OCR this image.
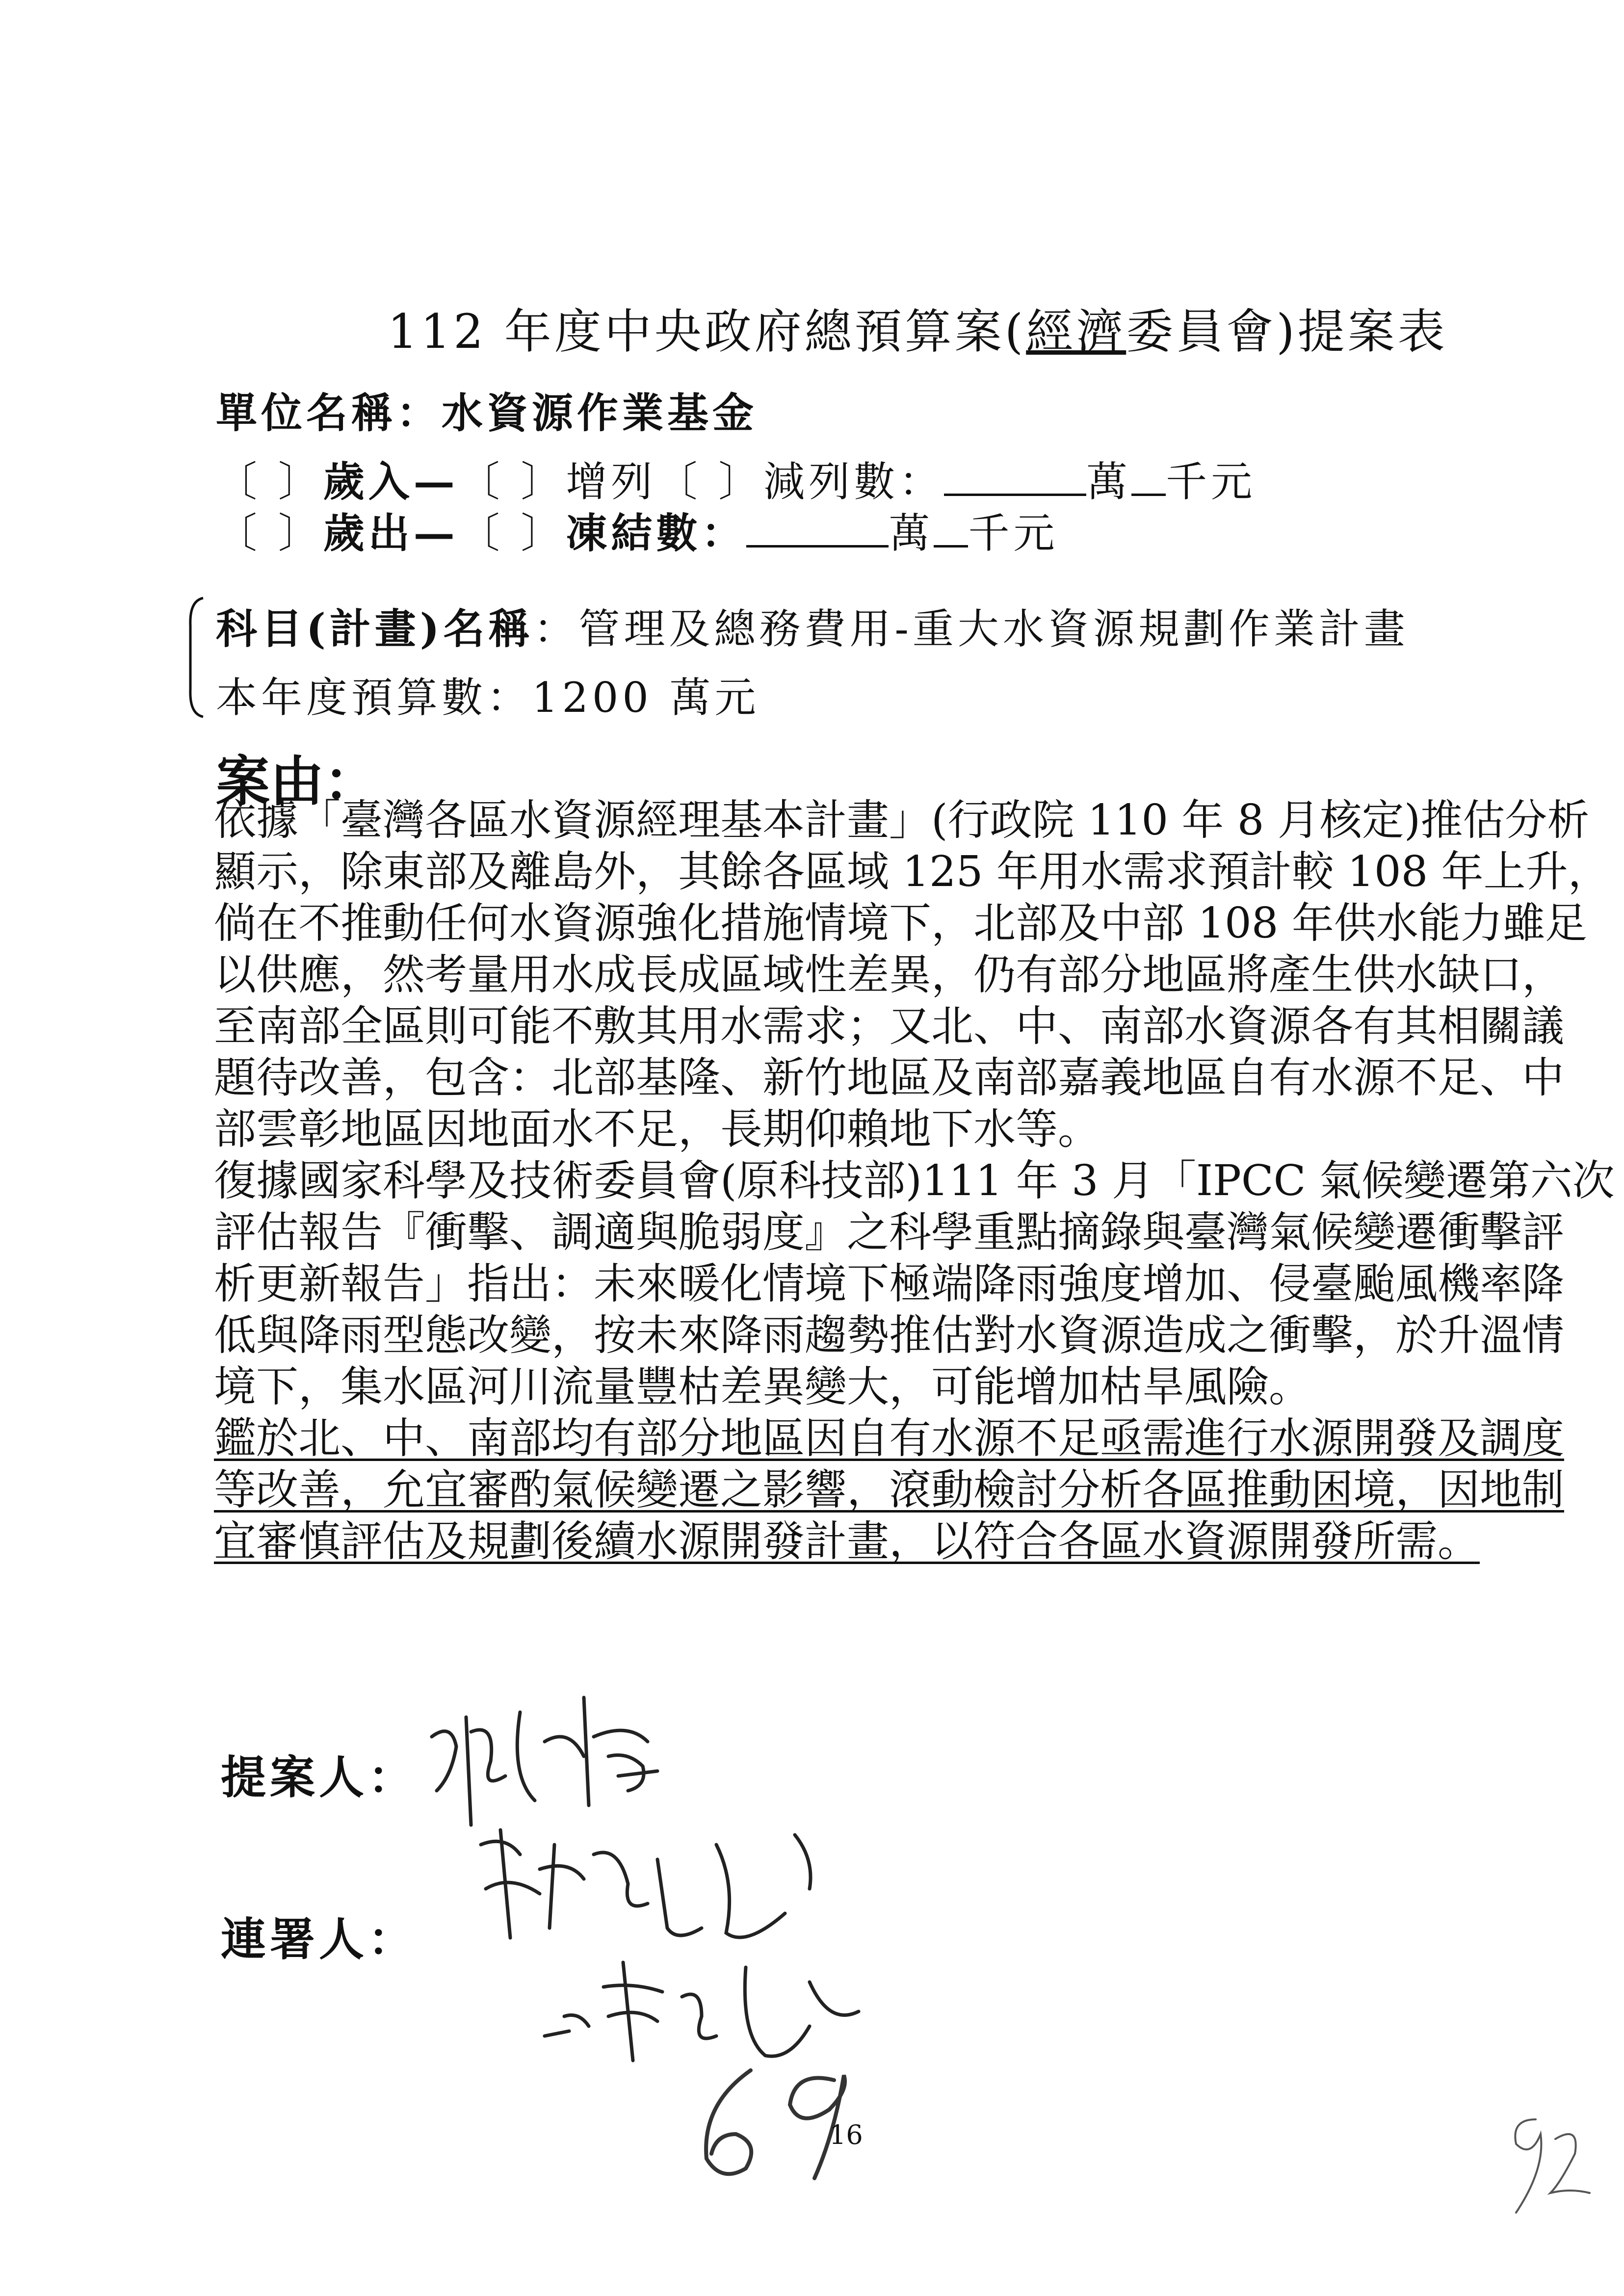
112 年度中央政府總預算案(經濟委員會)提案表
單位名稱：水資源作業基金
〔 〕歲入—〔 〕增列〔 〕減列數：	萬 千元
〔 〕歲出—〔 〕凍結數：	萬 千元
科目(計畫)名稱：管理及總務費用-重大水資源規劃作業計畫
本年度預算數：1200 萬元
案由：
依據「臺灣各區水資源經理基本計畫」(行政院 110 年 8 月核定)推估分析
顯示，除東部及離島外，其餘各區域 125 年用水需求預計較 108 年上升，
倘在不推動任何水資源強化措施情境下，北部及中部 108 年供水能力雖足
以供應，然考量用水成長成區域性差異，仍有部分地區將產生供水缺口，
至南部全區則可能不敷其用水需求；又北、中、南部水資源各有其相關議
題待改善，包含：北部基隆、新竹地區及南部嘉義地區自有水源不足、中
部雲彰地區因地面水不足，長期仰賴地下水等。
復據國家科學及技術委員會(原科技部)111 年 3 月「IPCC 氣候變遷第六次
評估報告『衝擊、調適與脆弱度』之科學重點摘錄與臺灣氣候變遷衝擊評
析更新報告」指出：未來暖化情境下極端降雨強度增加、侵臺颱風機率降
低與降雨型態改變，按未來降雨趨勢推估對水資源造成之衝擊，於升溫情
境下，集水區河川流量豐枯差異變大，可能增加枯旱風險。
鑑於北、中、南部均有部分地區因自有水源不足亟需進行水源開發及調度
等改善，允宜審酌氣候變遷之影響，滾動檢討分析各區推動困境，因地制
宜審慎評估及規劃後續水源開發計畫，以符合各區水資源開發所需。
提案人：
連署人：
16
